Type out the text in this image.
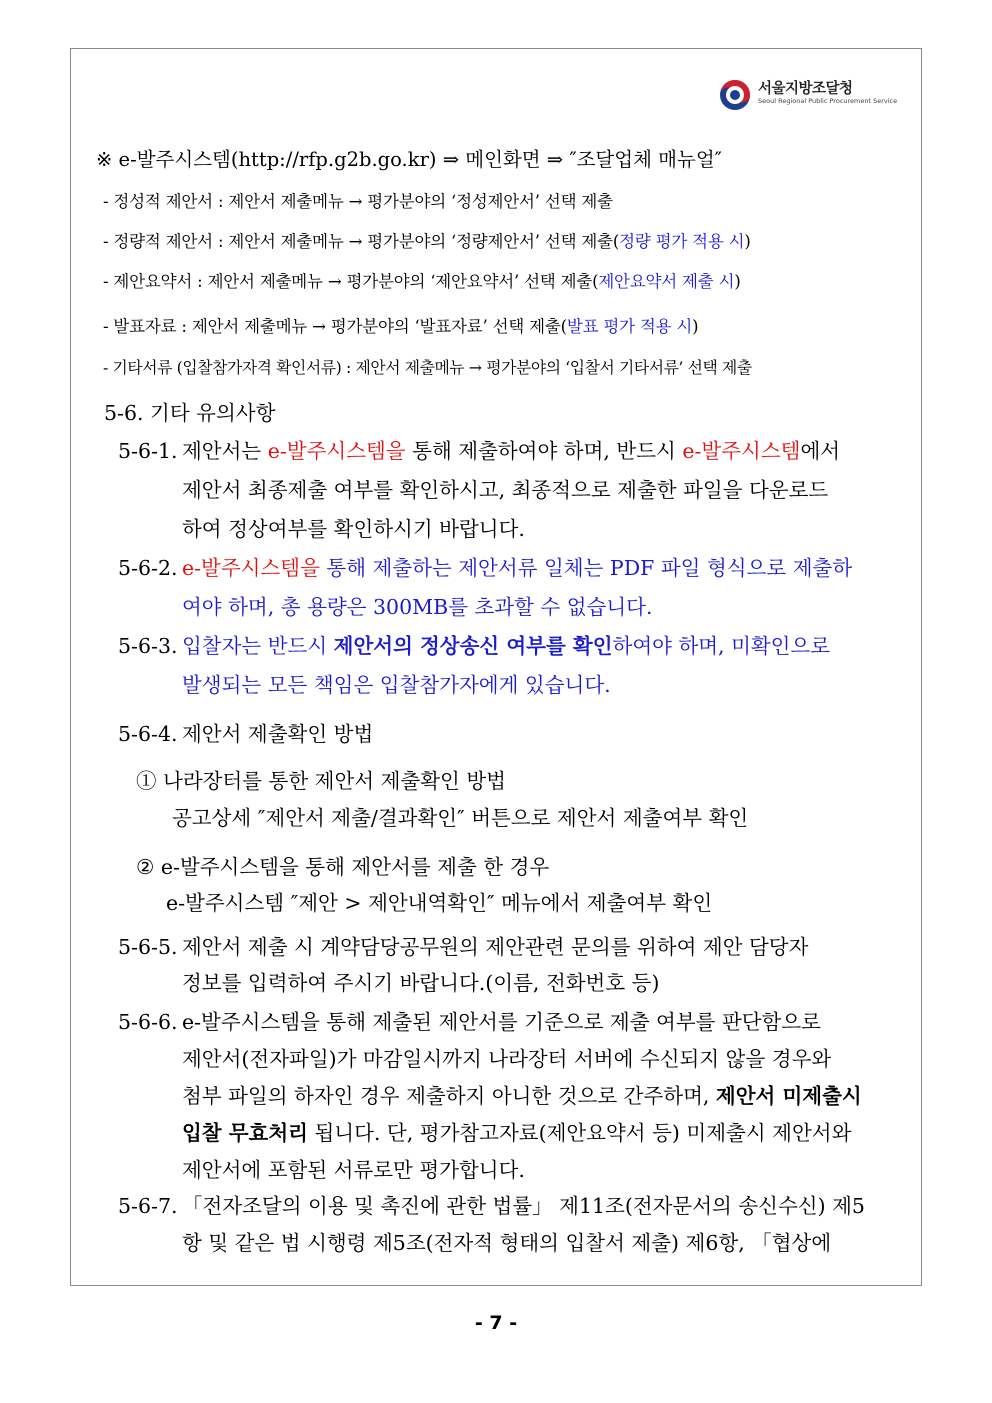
서울지방조달청
Seoul Regional Public Procurement Service
※ e-발주시스템(http://rfp.g2b.go.kr) ⇒ 메인화면 ⇒ ″조달업체 매뉴얼″
- 정성적 제안서 : 제안서 제출메뉴 → 평가분야의 ‘정성제안서’ 선택 제출
- 정량적 제안서 : 제안서 제출메뉴 → 평가분야의 ‘정량제안서’ 선택 제출(정량 평가 적용 시)
- 제안요약서 : 제안서 제출메뉴 → 평가분야의 ‘제안요약서’ 선택 제출(제안요약서 제출 시)
- 발표자료 : 제안서 제출메뉴 → 평가분야의 ‘발표자료’ 선택 제출(발표 평가 적용 시)
- 기타서류 (입찰참가자격 확인서류) : 제안서 제출메뉴 → 평가분야의 ‘입찰서 기타서류’ 선택 제출
5-6. 기타 유의사항
5-6-1. 제안서는 e-발주시스템을 통해 제출하여야 하며, 반드시 e-발주시스템에서
제안서 최종제출 여부를 확인하시고, 최종적으로 제출한 파일을 다운로드
하여 정상여부를 확인하시기 바랍니다.
5-6-2. e-발주시스템을 통해 제출하는 제안서류 일체는 PDF 파일 형식으로 제출하
여야 하며, 총 용량은 300MB를 초과할 수 없습니다.
5-6-3. 입찰자는 반드시 제안서의 정상송신 여부를 확인하여야 하며, 미확인으로
발생되는 모든 책임은 입찰참가자에게 있습니다.
5-6-4. 제안서 제출확인 방법
① 나라장터를 통한 제안서 제출확인 방법
공고상세 ″제안서 제출/결과확인″ 버튼으로 제안서 제출여부 확인
② e-발주시스템을 통해 제안서를 제출 한 경우
e-발주시스템 ″제안 > 제안내역확인″ 메뉴에서 제출여부 확인
5-6-5. 제안서 제출 시 계약담당공무원의 제안관련 문의를 위하여 제안 담당자
정보를 입력하여 주시기 바랍니다.(이름, 전화번호 등)
5-6-6. e-발주시스템을 통해 제출된 제안서를 기준으로 제출 여부를 판단함으로
제안서(전자파일)가 마감일시까지 나라장터 서버에 수신되지 않을 경우와
첨부 파일의 하자인 경우 제출하지 아니한 것으로 간주하며, 제안서 미제출시
입찰 무효처리 됩니다. 단, 평가참고자료(제안요약서 등) 미제출시 제안서와
제안서에 포함된 서류로만 평가합니다.
5-6-7. 「전자조달의 이용 및 촉진에 관한 법률」 제11조(전자문서의 송신수신) 제5
항 및 같은 법 시행령 제5조(전자적 형태의 입찰서 제출) 제6항, 「협상에
- 7 -
